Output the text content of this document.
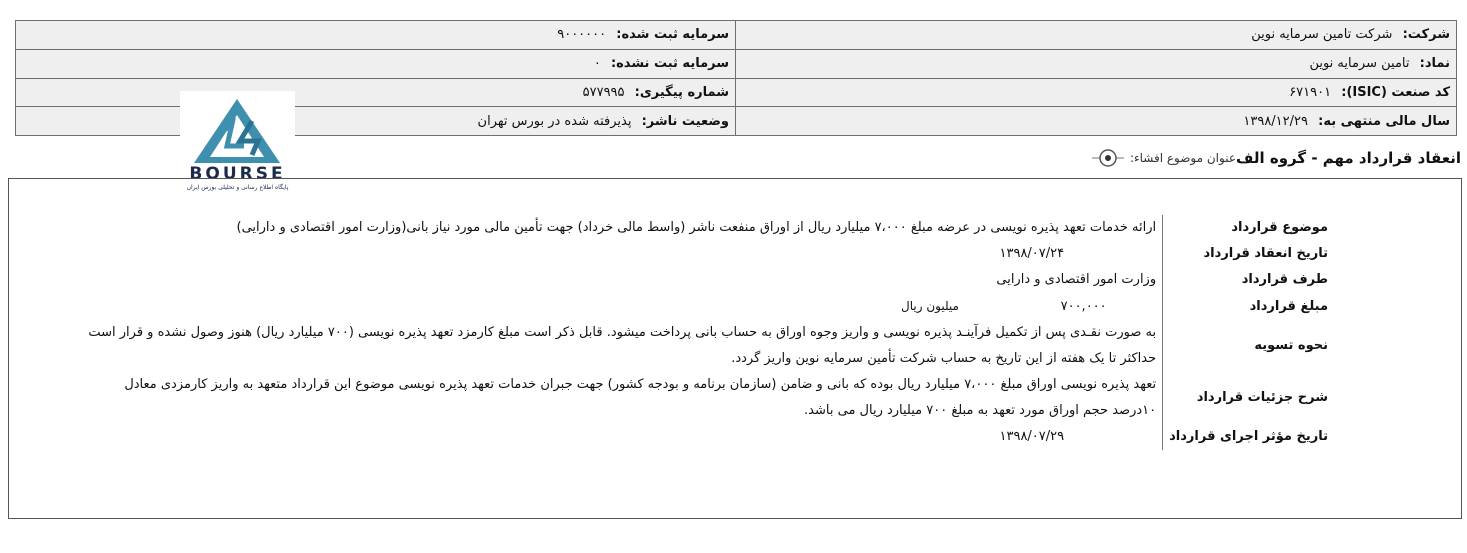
شرکت: شرکت تامین سرمایه نوین	سرمایه ثبت شده: ۹۰۰۰۰۰۰
نماد: تامین سرمایه نوین	سرمایه ثبت نشده: ۰
کد صنعت (ISIC): ۶۷۱۹۰۱	شماره پیگیری: ۵۷۷۹۹۵
سال مالی منتهی به: ۱۳۹۸/۱۲/۲۹	وضعیت ناشر: پذیرفته شده در بورس تهران
BOURSE
پایگاه اطلاع رسانی و تحلیلی بورس ایران
عنوان موضوع افشاء: انعقاد قرارداد مهم - گروه الف
موضوع قرارداد	ارائه خدمات تعهد پذیره نویسی در عرضه مبلغ ۷،۰۰۰ میلیارد ریال از اوراق منفعت ناشر (واسط مالی خرداد) جهت تأمین مالی مورد نیاز بانی(وزارت امور اقتصادی و دارایی)
تاریخ انعقاد قرارداد	۱۳۹۸/۰۷/۲۴
طرف قرارداد	وزارت امور اقتصادی و دارایی
مبلغ قرارداد	۷۰۰,۰۰۰ میلیون ریال
نحوه تسویه	به صورت نقـدی پس از تکمیل فرآینـد پذیره نویسی و واریز وجوه اوراق به حساب بانی پرداخت میشود. قابل ذکر است مبلغ کارمزد تعهد پذیره نویسی (۷۰۰ میلیارد ریال) هنوز وصول نشده و قرار است حداکثر تا یک هفته از این تاریخ به حساب شرکت تأمین سرمایه نوین واریز گردد.
شرح جزئیات قرارداد	تعهد پذیره نویسی اوراق مبلغ ۷،۰۰۰ میلیارد ریال بوده که بانی و ضامن (سازمان برنامه و بودجه کشور) جهت جبران خدمات تعهد پذیره نویسی موضوع این قرارداد متعهد به واریز کارمزدی معادل ۱۰درصد حجم اوراق مورد تعهد به مبلغ ۷۰۰ میلیارد ریال می باشد.
تاریخ مؤثر اجرای قرارداد	۱۳۹۸/۰۷/۲۹
